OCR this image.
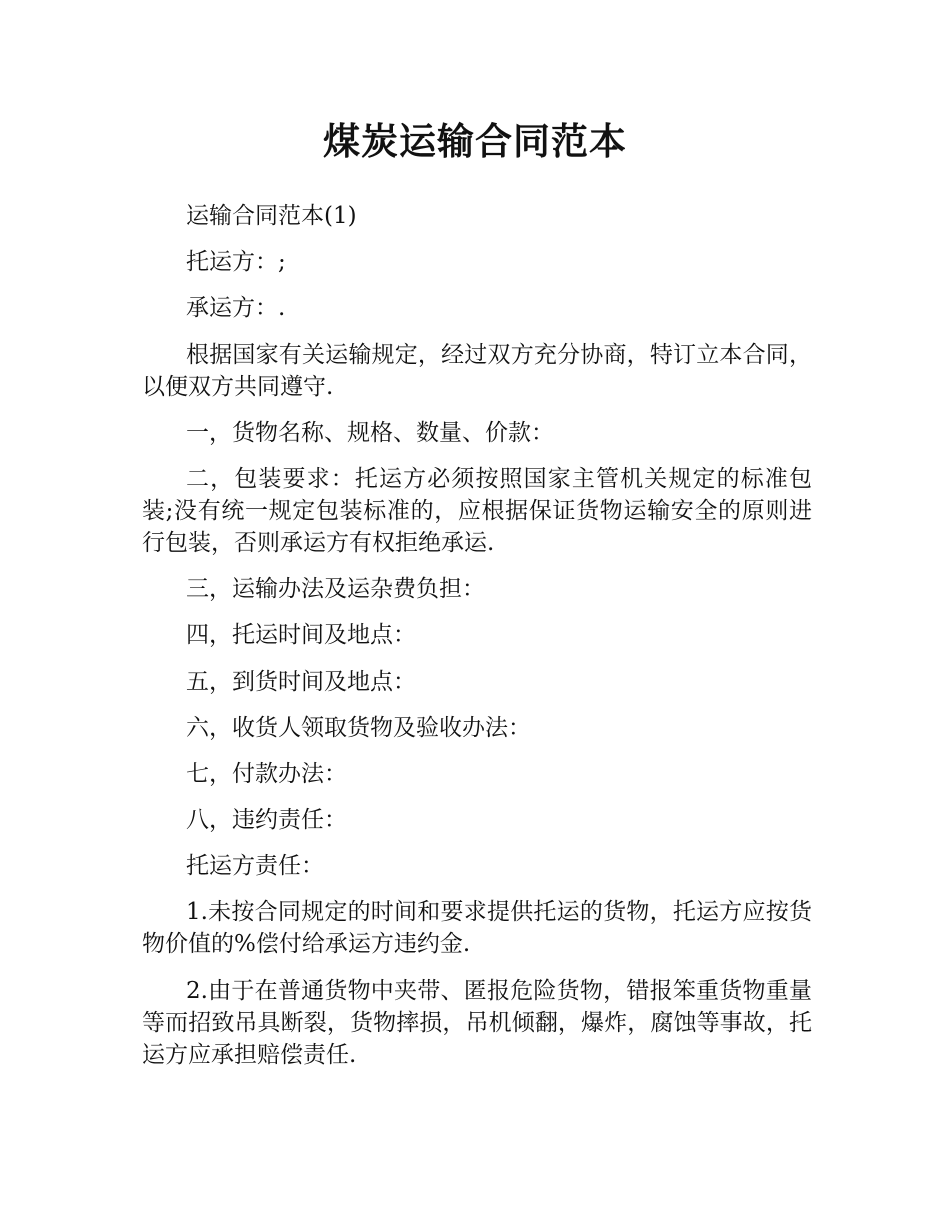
煤炭运输合同范本

运输合同范本(1)

托运方：;

承运方：.

根据国家有关运输规定，经过双方充分协商，特订立本合同，以便双方共同遵守.

一，货物名称、规格、数量、价款：

二，包装要求：托运方必须按照国家主管机关规定的标准包装;没有统一规定包装标准的，应根据保证货物运输安全的原则进行包装，否则承运方有权拒绝承运.

三，运输办法及运杂费负担：

四，托运时间及地点：

五，到货时间及地点：

六，收货人领取货物及验收办法：

七，付款办法：

八，违约责任：

托运方责任：

1.未按合同规定的时间和要求提供托运的货物，托运方应按货物价值的%偿付给承运方违约金.

2.由于在普通货物中夹带、匿报危险货物，错报笨重货物重量等而招致吊具断裂，货物摔损，吊机倾翻，爆炸，腐蚀等事故，托运方应承担赔偿责任.
